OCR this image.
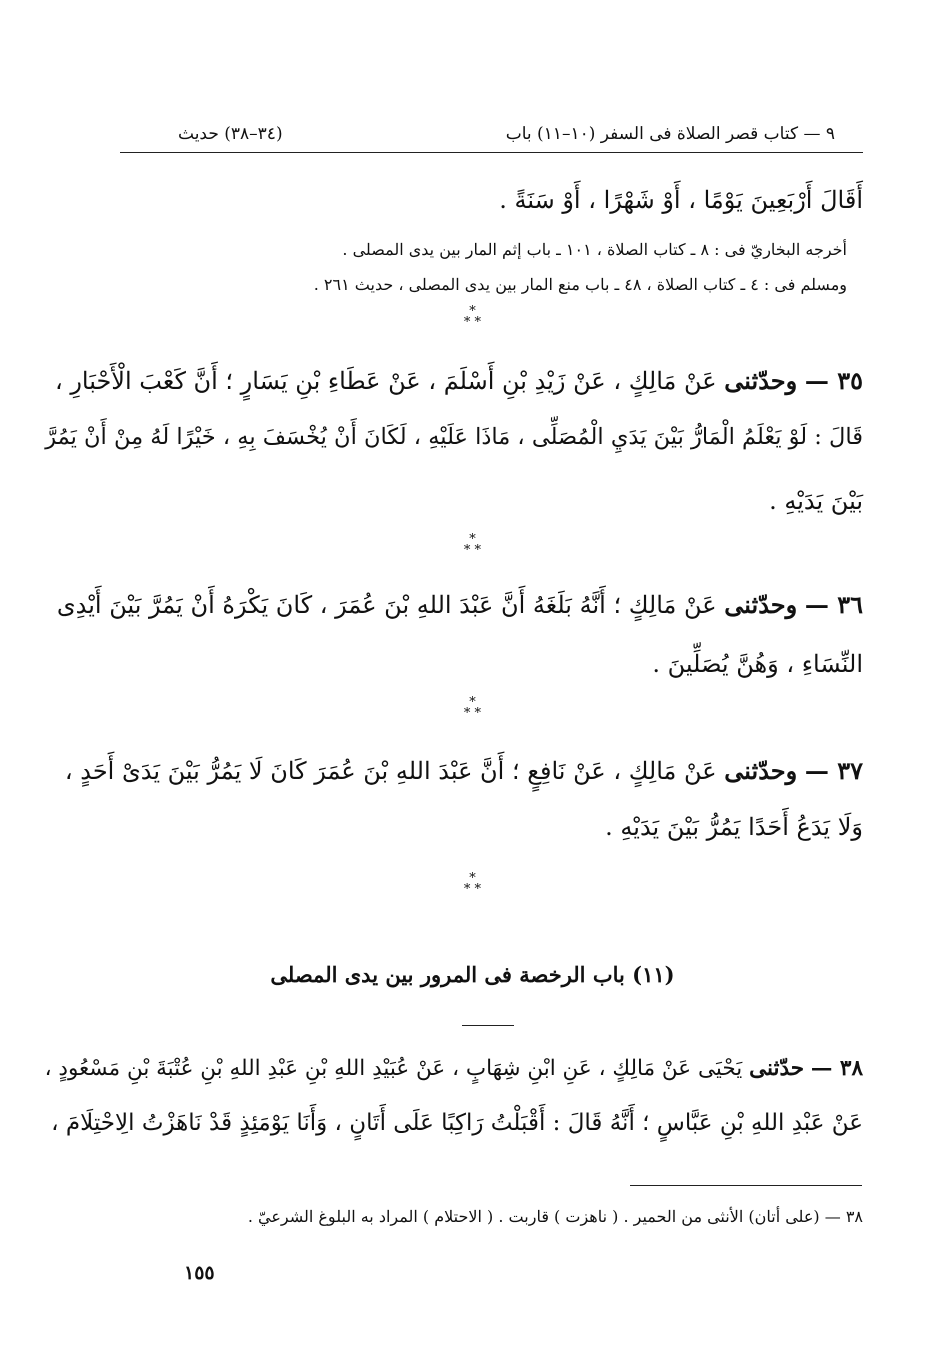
٩ — كتاب قصر الصلاة فى السفر (١٠–١١) باب
(٣٤–٣٨) حديث
أَقَالَ أَرْبَعِينَ يَوْمًا ، أَوْ شَهْرًا ، أَوْ سَنَةً .
أخرجه البخاريّ فى : ٨ ـ كتاب الصلاة ، ١٠١ ـ باب إثم المار بين يدى المصلى .
ومسلم فى : ٤ ـ كتاب الصلاة ، ٤٨ ـ باب منع المار بين يدى المصلى ، حديث ٢٦١ .
*
* *
٣٥ — وحدّثنى عَنْ مَالِكٍ ، عَنْ زَيْدِ بْنِ أَسْلَمَ ، عَنْ عَطَاءِ بْنِ يَسَارٍ ؛ أَنَّ كَعْبَ الْأَحْبَارِ ،
قَالَ : لَوْ يَعْلَمُ الْمَارُّ بَيْنَ يَدَيِ الْمُصَلِّى ، مَاذَا عَلَيْهِ ، لَكَانَ أَنْ يُخْسَفَ بِهِ ، خَيْرًا لَهُ مِنْ أَنْ يَمُرَّ
بَيْنَ يَدَيْهِ .
*
* *
٣٦ — وحدّثنى عَنْ مَالِكٍ ؛ أَنَّهُ بَلَغَهُ أَنَّ عَبْدَ اللهِ بْنَ عُمَرَ ، كَانَ يَكْرَهُ أَنْ يَمُرَّ بَيْنَ أَيْدِى
النِّسَاءِ ، وَهُنَّ يُصَلِّينَ .
*
* *
٣٧ — وحدّثنى عَنْ مَالِكٍ ، عَنْ نَافِعٍ ؛ أَنَّ عَبْدَ اللهِ بْنَ عُمَرَ كَانَ لَا يَمُرُّ بَيْنَ يَدَىْ أَحَدٍ ،
وَلَا يَدَعُ أَحَدًا يَمُرُّ بَيْنَ يَدَيْهِ .
*
* *
(١١) باب الرخصة فى المرور بين يدى المصلى
٣٨ — حدّثنى يَحْيَى عَنْ مَالِكٍ ، عَنِ ابْنِ شِهَابٍ ، عَنْ عُبَيْدِ اللهِ بْنِ عَبْدِ اللهِ بْنِ عُتْبَةَ بْنِ مَسْعُودٍ ،
عَنْ عَبْدِ اللهِ بْنِ عَبَّاسٍ ؛ أَنَّهُ قَالَ : أَقْبَلْتُ رَاكِبًا عَلَى أَتَانٍ ، وَأَنَا يَوْمَئِذٍ قَدْ نَاهَزْتُ الِاحْتِلَامَ ،
٣٨ — (على أتان) الأنثى من الحمير . ( ناهزت ) قاربت . ( الاحتلام ) المراد به البلوغ الشرعيّ .
١٥٥
